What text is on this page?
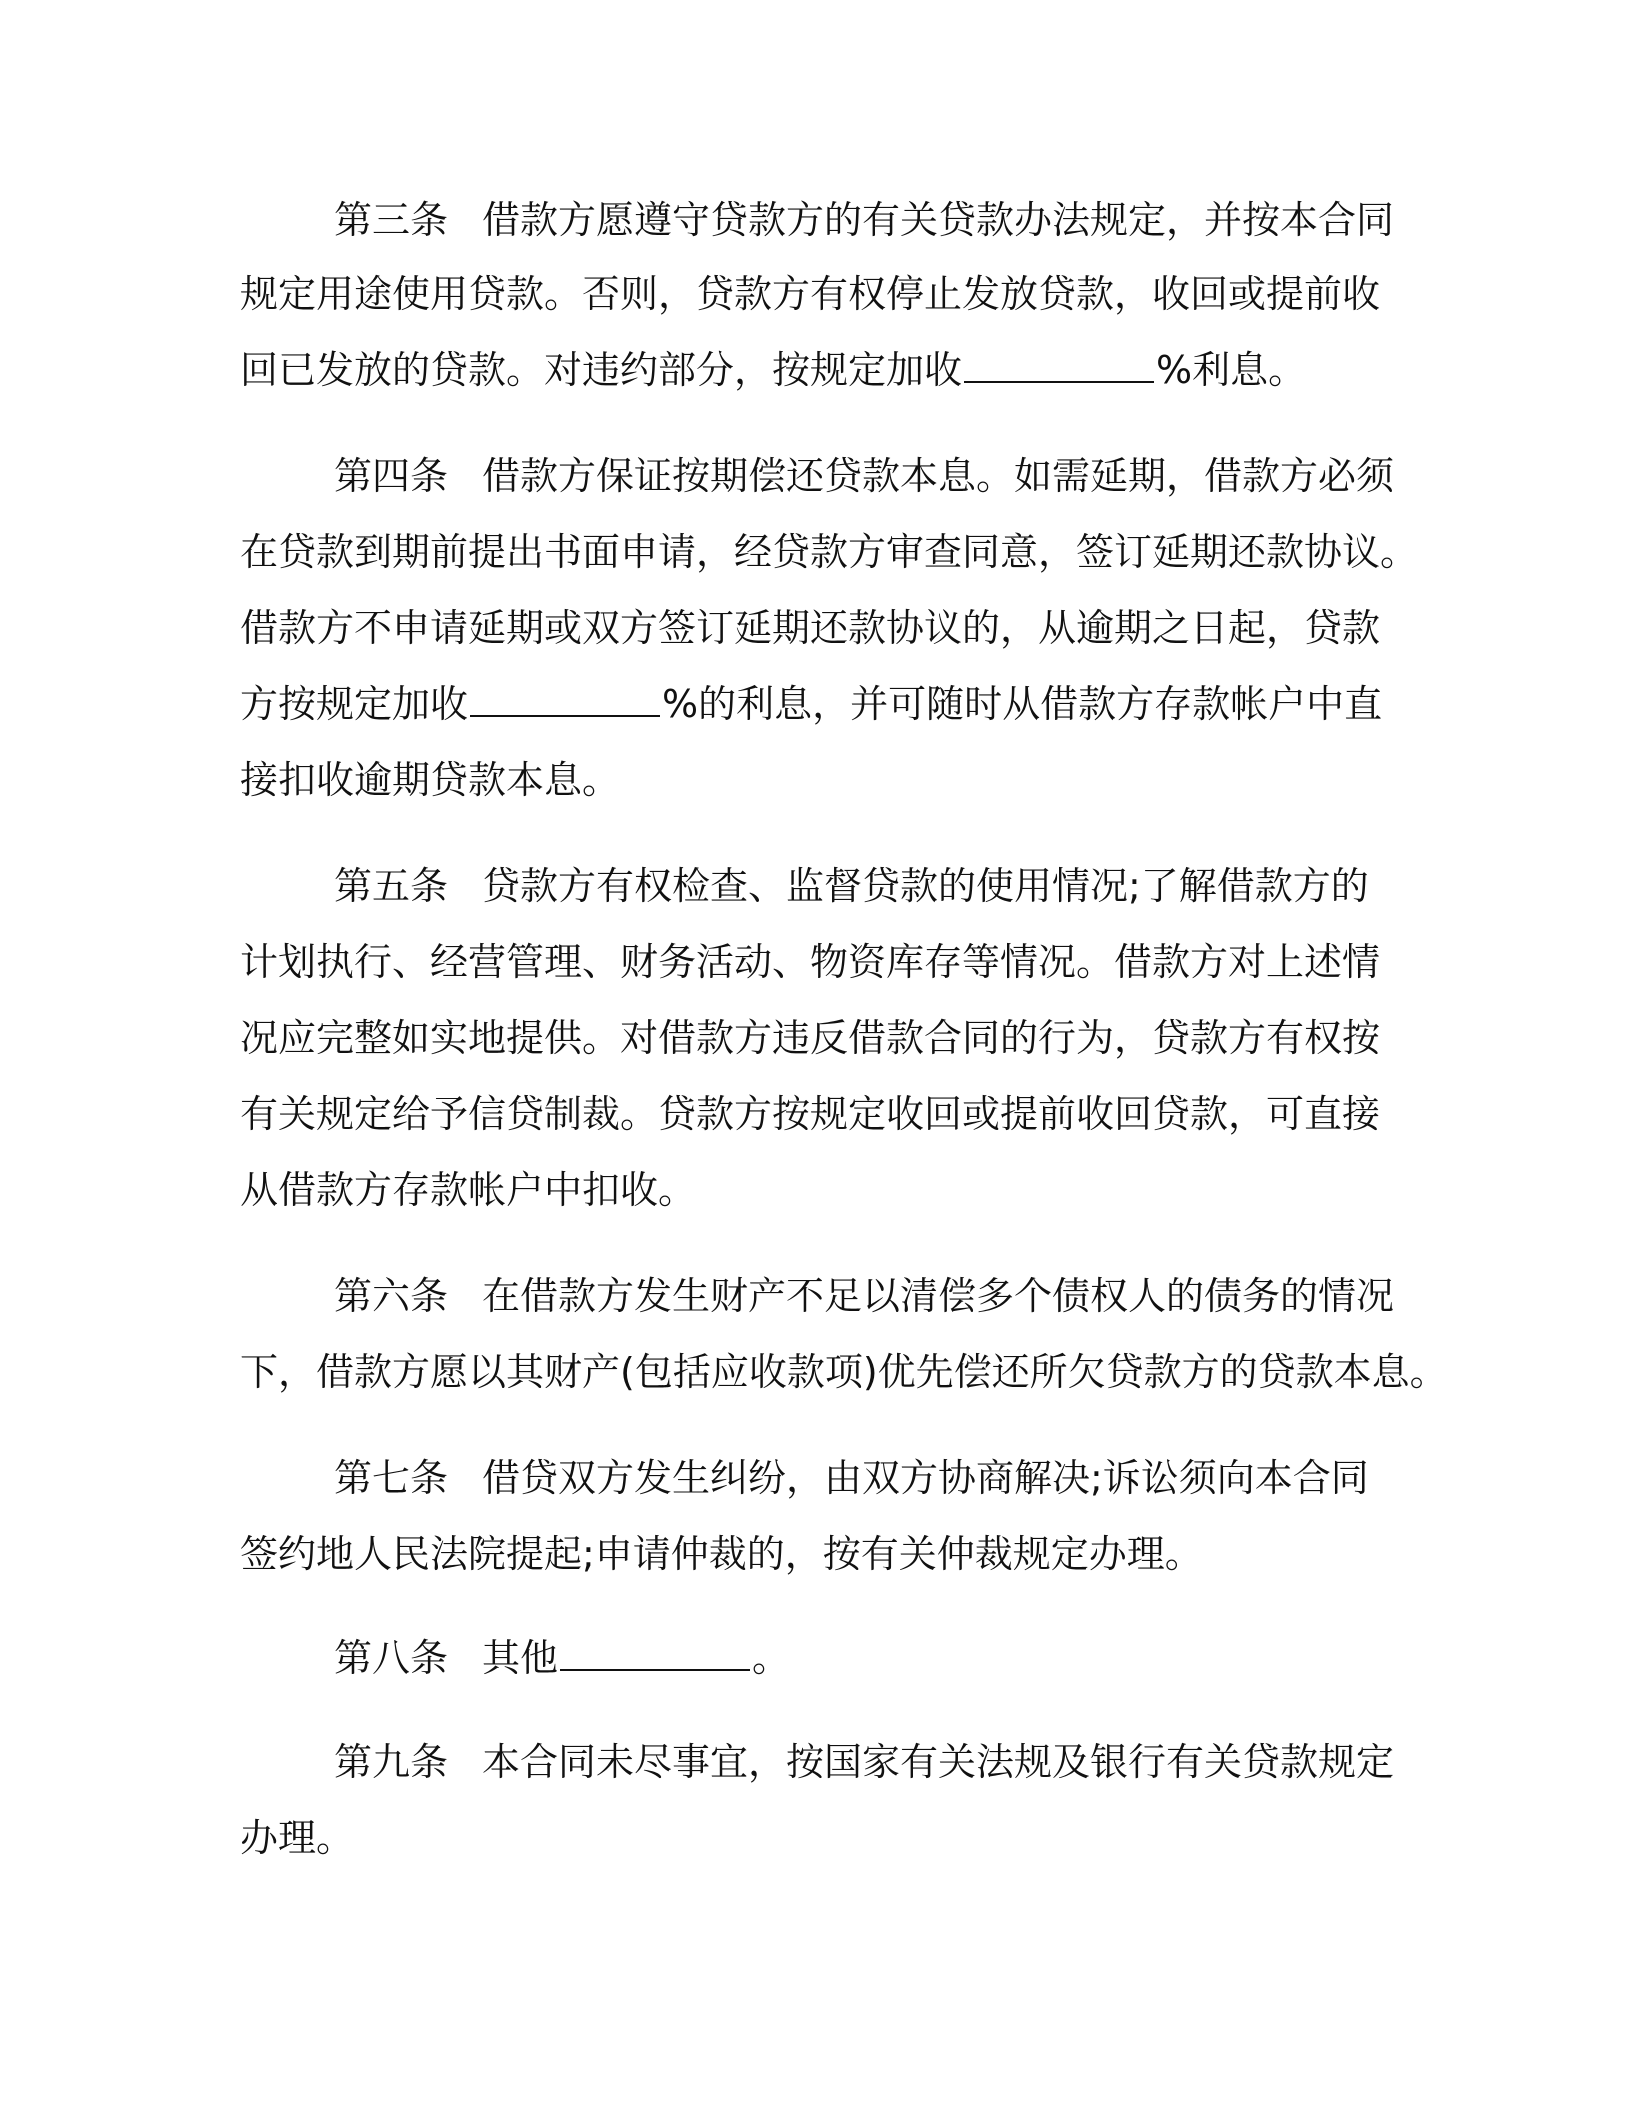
第三条 借款方愿遵守贷款方的有关贷款办法规定，并按本合同
规定用途使用贷款。否则，贷款方有权停止发放贷款，收回或提前收
回已发放的贷款。对违约部分，按规定加收	%利息。
第四条 借款方保证按期偿还贷款本息。如需延期，借款方必须
在贷款到期前提出书面申请，经贷款方审查同意，签订延期还款协议。
借款方不申请延期或双方签订延期还款协议的，从逾期之日起，贷款
方按规定加收	%的利息，并可随时从借款方存款帐户中直
接扣收逾期贷款本息。
第五条 贷款方有权检查、监督贷款的使用情况;了解借款方的
计划执行、经营管理、财务活动、物资库存等情况。借款方对上述情
况应完整如实地提供。对借款方违反借款合同的行为，贷款方有权按
有关规定给予信贷制裁。贷款方按规定收回或提前收回贷款，可直接
从借款方存款帐户中扣收。
第六条 在借款方发生财产不足以清偿多个债权人的债务的情况
下，借款方愿以其财产(包括应收款项)优先偿还所欠贷款方的贷款本息。
第七条 借贷双方发生纠纷，由双方协商解决;诉讼须向本合同
签约地人民法院提起;申请仲裁的，按有关仲裁规定办理。
第八条 其他	。
第九条 本合同未尽事宜，按国家有关法规及银行有关贷款规定
办理。
